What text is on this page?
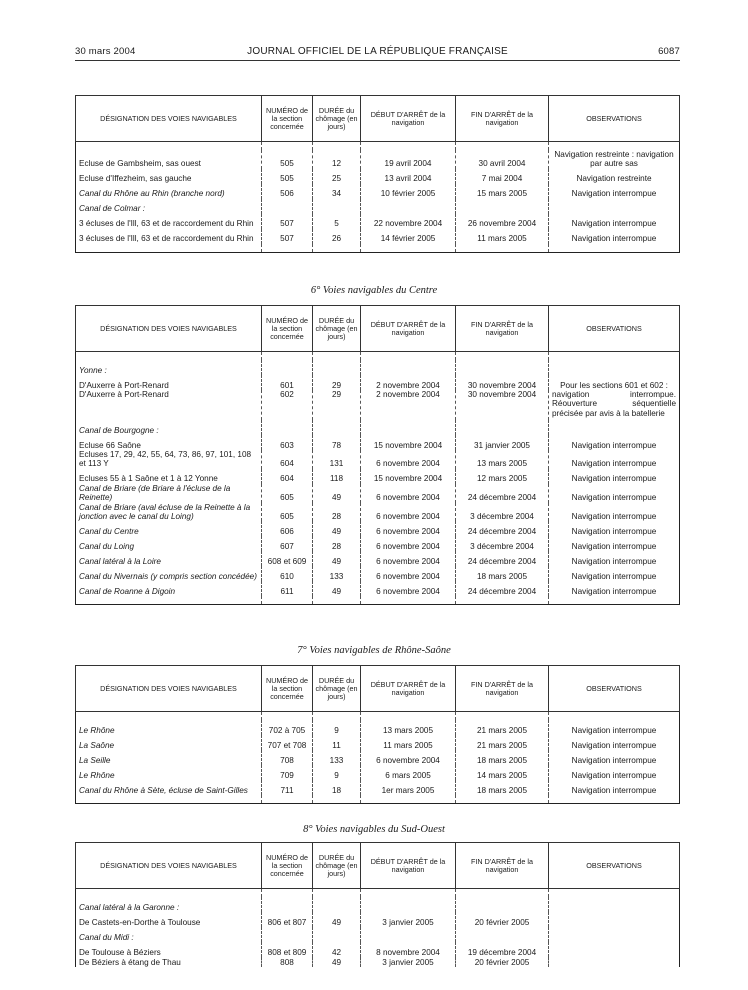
30 mars 2004	JOURNAL OFFICIEL DE LA RÉPUBLIQUE FRANÇAISE	6087
DÉSIGNATION DES VOIES NAVIGABLES	NUMÉRO de la section concernée	DURÉE du chômage (en jours)	DÉBUT D'ARRÊT de la navigation	FIN D'ARRÊT de la navigation	OBSERVATIONS

Ecluse de Gambsheim, sas ouest	505	12	19 avril 2004	30 avril 2004	Navigation restreinte : navigation par autre sas
Ecluse d'Iffezheim, sas gauche	505	25	13 avril 2004	7 mai 2004	Navigation restreinte
Canal du Rhône au Rhin (branche nord)	506	34	10 février 2005	15 mars 2005	Navigation interrompue
Canal de Colmar :					
3 écluses de l'Ill, 63 et de raccordement du Rhin	507	5	22 novembre 2004	26 novembre 2004	Navigation interrompue
3 écluses de l'Ill, 63 et de raccordement du Rhin	507	26	14 février 2005	11 mars 2005	Navigation interrompue

6° Voies navigables du Centre
DÉSIGNATION DES VOIES NAVIGABLES	NUMÉRO de la section concernée	DURÉE du chômage (en jours)	DÉBUT D'ARRÊT de la navigation	FIN D'ARRÊT de la navigation	OBSERVATIONS

Yonne :					
D'Auxerre à Port-Renard	601	29	2 novembre 2004	30 novembre 2004	Pour les sections 601 et 602 :
D'Auxerre à Port-Renard	602	29	2 novembre 2004	30 novembre 2004	navigation interrompue. Réouverture séquentielle précisée par avis à la batellerie
Canal de Bourgogne :					
Ecluse 66 Saône	603	78	15 novembre 2004	31 janvier 2005	Navigation interrompue
Ecluses 17, 29, 42, 55, 64, 73, 86, 97, 101, 108 et 113 Y	604	131	6 novembre 2004	13 mars 2005	Navigation interrompue
Ecluses 55 à 1 Saône et 1 à 12 Yonne	604	118	15 novembre 2004	12 mars 2005	Navigation interrompue
Canal de Briare (de Briare à l'écluse de la Reinette)	605	49	6 novembre 2004	24 décembre 2004	Navigation interrompue
Canal de Briare (aval écluse de la Reinette à la jonction avec le canal du Loing)	605	28	6 novembre 2004	3 décembre 2004	Navigation interrompue
Canal du Centre	606	49	6 novembre 2004	24 décembre 2004	Navigation interrompue
Canal du Loing	607	28	6 novembre 2004	3 décembre 2004	Navigation interrompue
Canal latéral à la Loire	608 et 609	49	6 novembre 2004	24 décembre 2004	Navigation interrompue
Canal du Nivernais (y compris section concédée)	610	133	6 novembre 2004	18 mars 2005	Navigation interrompue
Canal de Roanne à Digoin	611	49	6 novembre 2004	24 décembre 2004	Navigation interrompue

7° Voies navigables de Rhône-Saône
DÉSIGNATION DES VOIES NAVIGABLES	NUMÉRO de la section concernée	DURÉE du chômage (en jours)	DÉBUT D'ARRÊT de la navigation	FIN D'ARRÊT de la navigation	OBSERVATIONS

Le Rhône	702 à 705	9	13 mars 2005	21 mars 2005	Navigation interrompue
La Saône	707 et 708	11	11 mars 2005	21 mars 2005	Navigation interrompue
La Seille	708	133	6 novembre 2004	18 mars 2005	Navigation interrompue
Le Rhône	709	9	6 mars 2005	14 mars 2005	Navigation interrompue
Canal du Rhône à Sète, écluse de Saint-Gilles	711	18	1er mars 2005	18 mars 2005	Navigation interrompue

8° Voies navigables du Sud-Ouest
DÉSIGNATION DES VOIES NAVIGABLES	NUMÉRO de la section concernée	DURÉE du chômage (en jours)	DÉBUT D'ARRÊT de la navigation	FIN D'ARRÊT de la navigation	OBSERVATIONS

Canal latéral à la Garonne :					
De Castets-en-Dorthe à Toulouse	806 et 807	49	3 janvier 2005	20 février 2005	
Canal du Midi :					
De Toulouse à Béziers	808 et 809	42	8 novembre 2004	19 décembre 2004	
De Béziers à étang de Thau	808	49	3 janvier 2005	20 février 2005	
